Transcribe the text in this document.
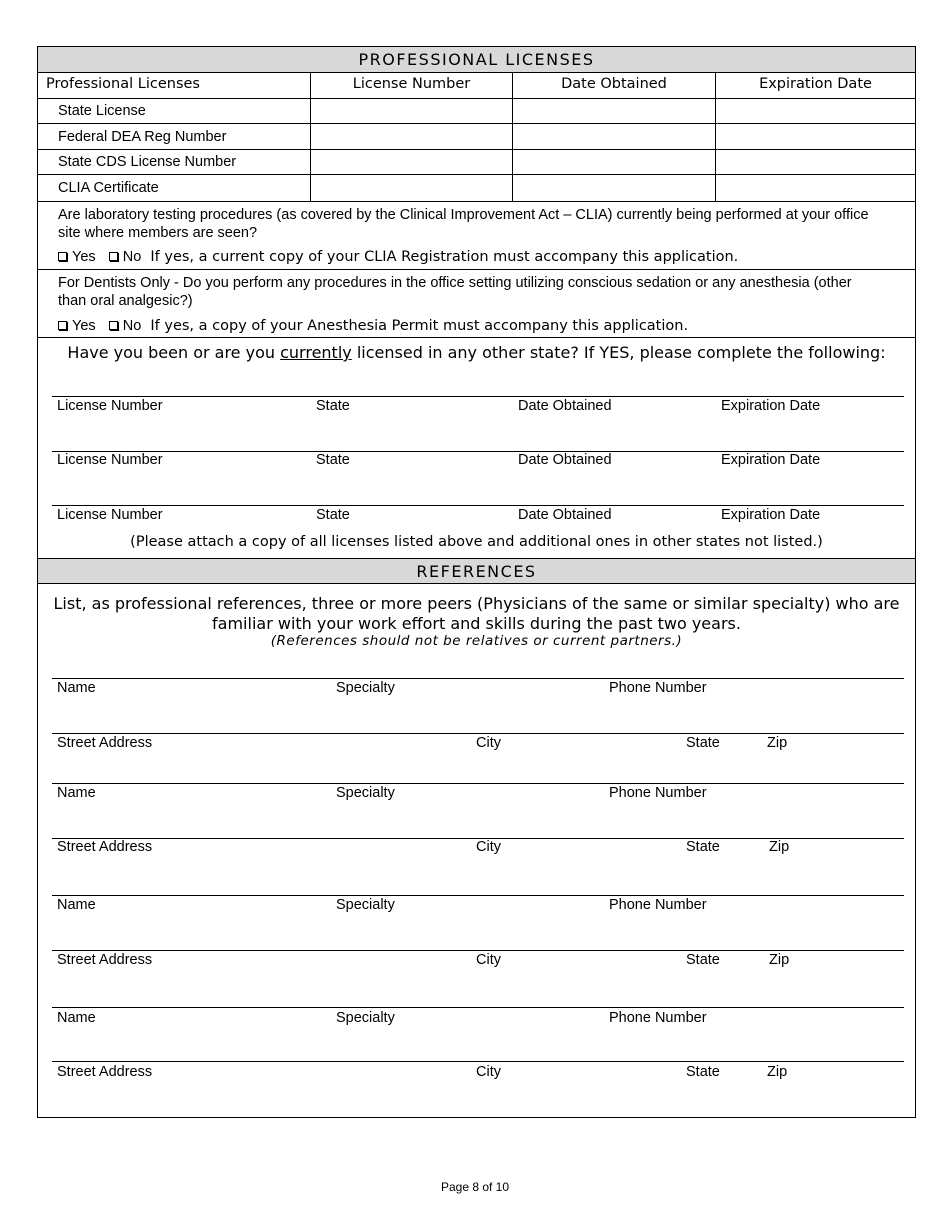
PROFESSIONAL LICENSES
Professional Licenses	License Number	Date Obtained	Expiration Date
State License
Federal DEA Reg Number
State CDS License Number
CLIA Certificate
Are laboratory testing procedures (as covered by the Clinical Improvement Act – CLIA) currently being performed at your office
site where members are seen?
Yes No If yes, a current copy of your CLIA Registration must accompany this application.
For Dentists Only - Do you perform any procedures in the office setting utilizing conscious sedation or any anesthesia (other
than oral analgesic?)
Yes No If yes, a copy of your Anesthesia Permit must accompany this application.
Have you been or are you currently licensed in any other state? If YES, please complete the following:
License Number	State	Date Obtained	Expiration Date
License Number	State	Date Obtained	Expiration Date
License Number	State	Date Obtained	Expiration Date
(Please attach a copy of all licenses listed above and additional ones in other states not listed.)
REFERENCES
List, as professional references, three or more peers (Physicians of the same or similar specialty) who are
familiar with your work effort and skills during the past two years.
(References should not be relatives or current partners.)
Name	Specialty	Phone Number
Street Address	City	State	Zip
Name	Specialty	Phone Number
Street Address	City	State	Zip
Name	Specialty	Phone Number
Street Address	City	State	Zip
Name	Specialty	Phone Number
Street Address	City	State	Zip
Page 8 of 10
